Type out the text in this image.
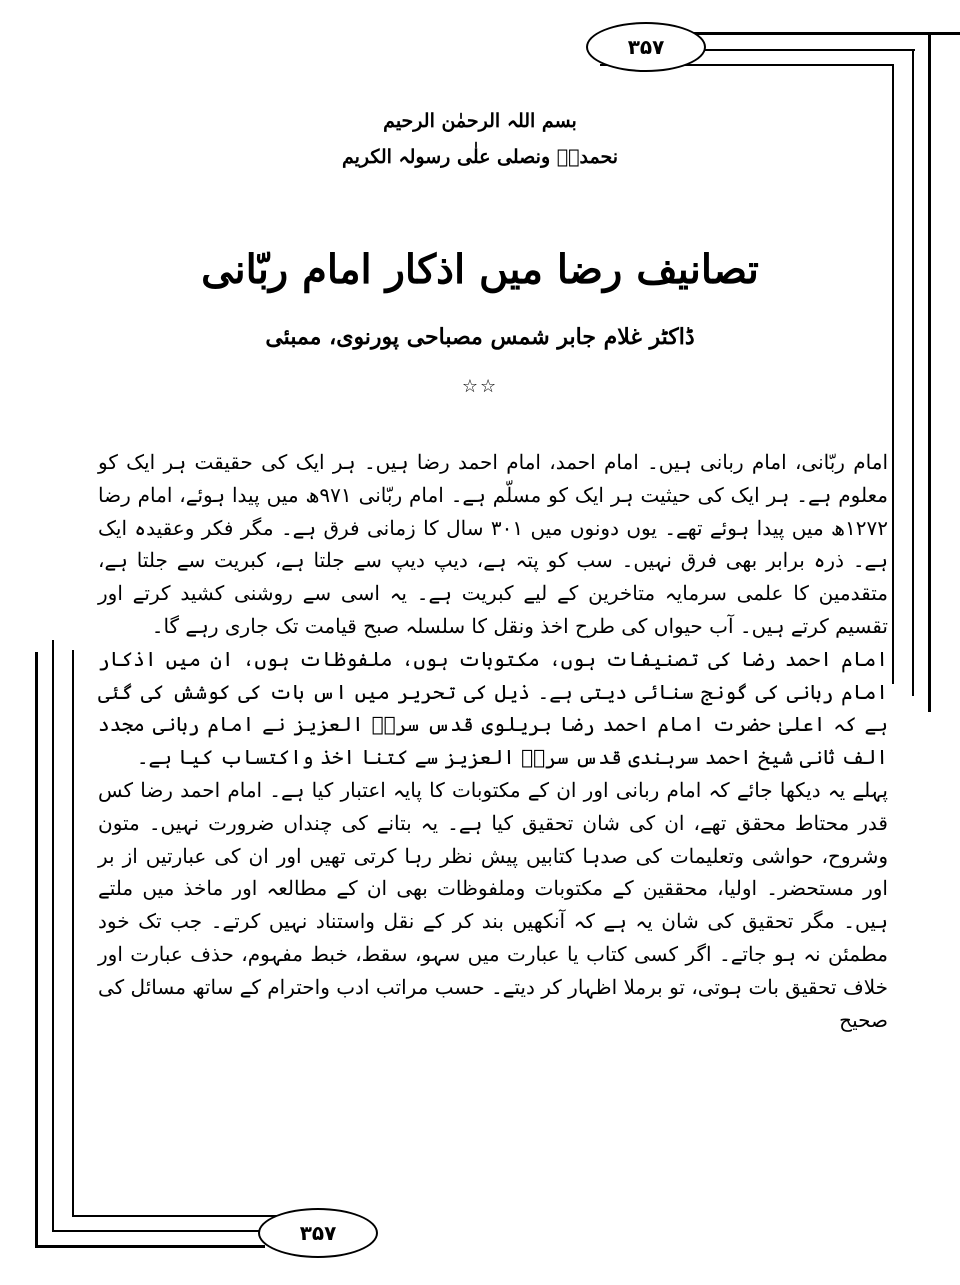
۳۵۷
بسم اللہ الرحمٰن الرحیم
نحمدہٗ ونصلی علٰی رسولہ الکریم
تصانیف رضا میں اذکار امام ربّانی
ڈاکٹر غلام جابر شمس مصباحی پورنوی، ممبئی
☆☆

امام ربّانی، امام ربانی ہیں۔ امام احمد، امام احمد رضا ہیں۔ ہر ایک کی حقیقت ہر ایک کو معلوم ہے۔ ہر ایک کی حیثیت ہر ایک کو مسلّم ہے۔ امام ربّانی ۹۷۱ھ میں پیدا ہوئے، امام رضا ۱۲۷۲ھ میں پیدا ہوئے تھے۔ یوں دونوں میں ۳۰۱ سال کا زمانی فرق ہے۔ مگر فکر وعقیدہ ایک ہے۔ ذرہ برابر بھی فرق نہیں۔ سب کو پتہ ہے، دیپ دیپ سے جلتا ہے، کبریت سے جلتا ہے، متقدمین کا علمی سرمایہ متاخرین کے لیے کبریت ہے۔ یہ اسی سے روشنی کشید کرتے اور تقسیم کرتے ہیں۔ آب حیواں کی طرح اخذ ونقل کا سلسلہ صبح قیامت تک جاری رہے گا۔

امام احمد رضا کی تصنیفات ہوں، مکتوبات ہوں، ملفوظات ہوں، ان میں اذکار امام ربانی کی گونج سنائی دیتی ہے۔ ذیل کی تحریر میں اس بات کی کوشش کی گئی ہے کہ اعلیٰ حضرت امام احمد رضا بریلوی قدس سرہٗ العزیز نے امام ربانی مجدد الف ثانی شیخ احمد سرہندی قدس سرہٗ العزیز سے کتنا اخذ واکتساب کیا ہے۔

پہلے یہ دیکھا جائے کہ امام ربانی اور ان کے مکتوبات کا پایہ اعتبار کیا ہے۔ امام احمد رضا کس قدر محتاط محقق تھے، ان کی شان تحقیق کیا ہے۔ یہ بتانے کی چنداں ضرورت نہیں۔ متون وشروح، حواشی وتعلیمات کی صدہا کتابیں پیش نظر رہا کرتی تھیں اور ان کی عبارتیں از بر اور مستحضر۔ اولیا، محققین کے مکتوبات وملفوظات بھی ان کے مطالعہ اور ماخذ میں ملتے ہیں۔ مگر تحقیق کی شان یہ ہے کہ آنکھیں بند کر کے نقل واستناد نہیں کرتے۔ جب تک خود مطمئن نہ ہو جاتے۔ اگر کسی کتاب یا عبارت میں سہو، سقط، خبط مفہوم، حذف عبارت اور خلاف تحقیق بات ہوتی، تو برملا اظہار کر دیتے۔ حسب مراتب ادب واحترام کے ساتھ مسائل کی صحیح

۳۵۷
